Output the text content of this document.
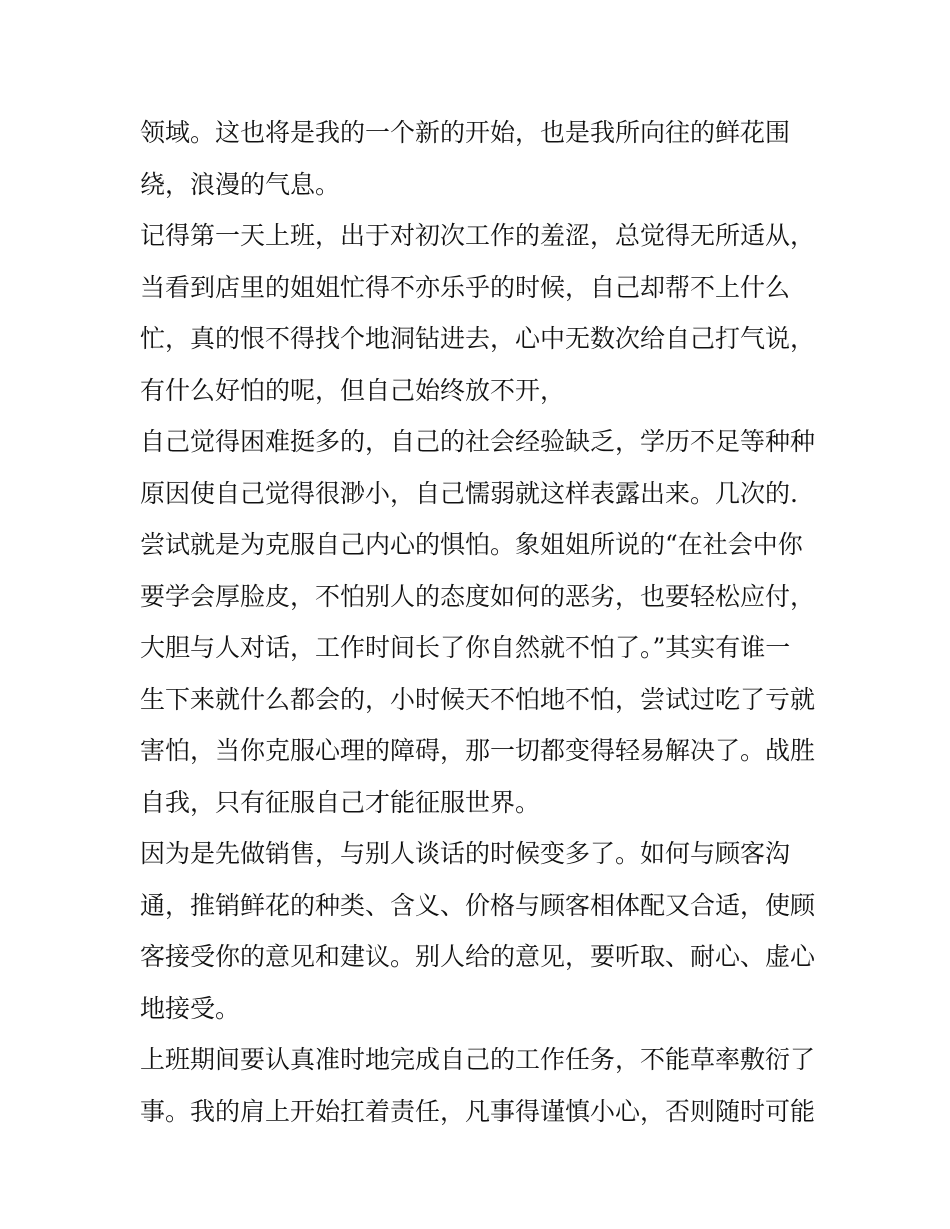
领域。这也将是我的一个新的开始，也是我所向往的鲜花围
绕，浪漫的气息。
记得第一天上班，出于对初次工作的羞涩，总觉得无所适从，
当看到店里的姐姐忙得不亦乐乎的时候，自己却帮不上什么
忙，真的恨不得找个地洞钻进去，心中无数次给自己打气说，
有什么好怕的呢，但自己始终放不开，
自己觉得困难挺多的，自己的社会经验缺乏，学历不足等种种
原因使自己觉得很渺小，自己懦弱就这样表露出来。几次的.
尝试就是为克服自己内心的惧怕。象姐姐所说的“在社会中你
要学会厚脸皮，不怕别人的态度如何的恶劣，也要轻松应付，
大胆与人对话，工作时间长了你自然就不怕了。”其实有谁一
生下来就什么都会的，小时候天不怕地不怕，尝试过吃了亏就
害怕，当你克服心理的障碍，那一切都变得轻易解决了。战胜
自我，只有征服自己才能征服世界。
因为是先做销售，与别人谈话的时候变多了。如何与顾客沟
通，推销鲜花的种类、含义、价格与顾客相体配又合适，使顾
客接受你的意见和建议。别人给的意见，要听取、耐心、虚心
地接受。
上班期间要认真准时地完成自己的工作任务，不能草率敷衍了
事。我的肩上开始扛着责任，凡事得谨慎小心，否则随时可能
